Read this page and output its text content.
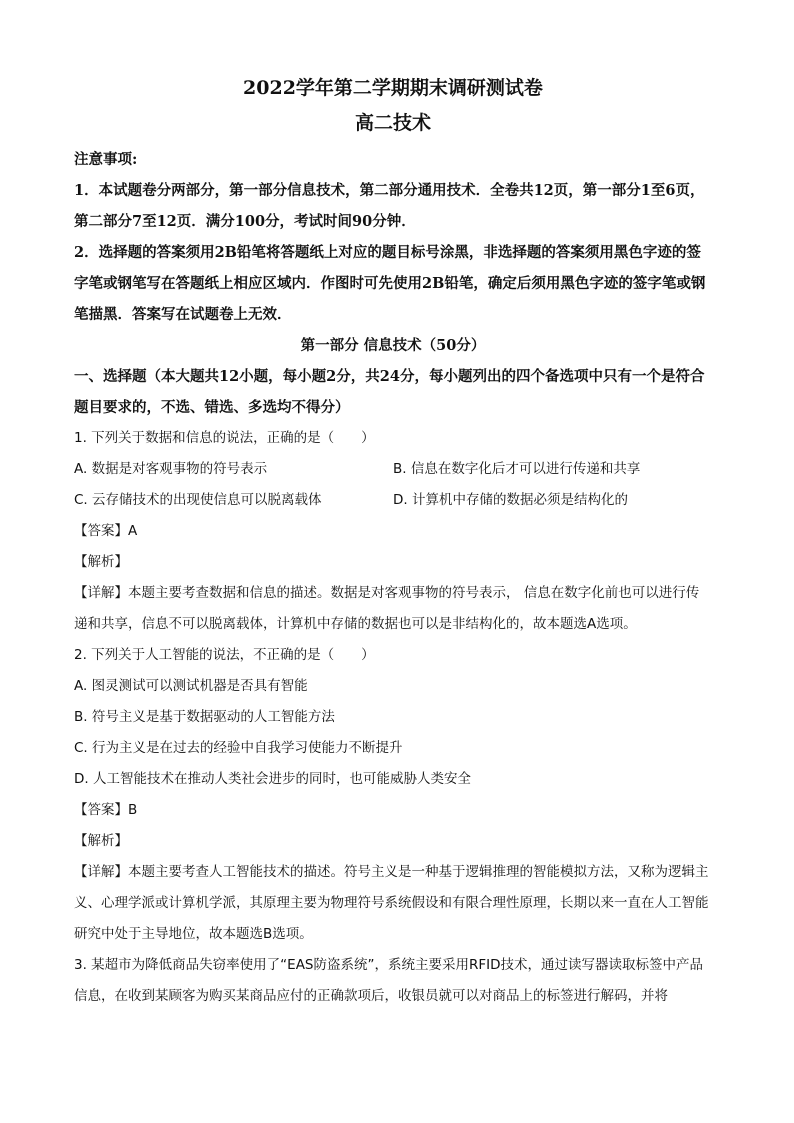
2022学年第二学期期末调研测试卷

高二技术

注意事项:

1．本试题卷分两部分，第一部分信息技术，第二部分通用技术．全卷共12页，第一部分1至6页，第二部分7至12页．满分100分，考试时间90分钟．

2．选择题的答案须用2B铅笔将答题纸上对应的题目标号涂黑，非选择题的答案须用黑色字迹的签字笔或钢笔写在答题纸上相应区域内．作图时可先使用2B铅笔，确定后须用黑色字迹的签字笔或钢笔描黑．答案写在试题卷上无效．

第一部分 信息技术（50分）

一、选择题（本大题共12小题，每小题2分，共24分，每小题列出的四个备选项中只有一个是符合题目要求的，不选、错选、多选均不得分）

1. 下列关于数据和信息的说法，正确的是（　　）

A. 数据是对客观事物的符号表示	B. 信息在数字化后才可以进行传递和共享
C. 云存储技术的出现使信息可以脱离载体	D. 计算机中存储的数据必须是结构化的

【答案】A

【解析】

【详解】本题主要考查数据和信息的描述。数据是对客观事物的符号表示， 信息在数字化前也可以进行传递和共享，信息不可以脱离载体，计算机中存储的数据也可以是非结构化的，故本题选A选项。

2. 下列关于人工智能的说法，不正确的是（　　）

A. 图灵测试可以测试机器是否具有智能

B. 符号主义是基于数据驱动的人工智能方法

C. 行为主义是在过去的经验中自我学习使能力不断提升

D. 人工智能技术在推动人类社会进步的同时，也可能威胁人类安全

【答案】B

【解析】

【详解】本题主要考查人工智能技术的描述。符号主义是一种基于逻辑推理的智能模拟方法，又称为逻辑主义、心理学派或计算机学派，其原理主要为物理符号系统假设和有限合理性原理，长期以来一直在人工智能研究中处于主导地位，故本题选B选项。

3. 某超市为降低商品失窃率使用了“EAS防盗系统”，系统主要采用RFID技术，通过读写器读取标签中产品信息，在收到某顾客为购买某商品应付的正确款项后，收银员就可以对商品上的标签进行解码，并将
